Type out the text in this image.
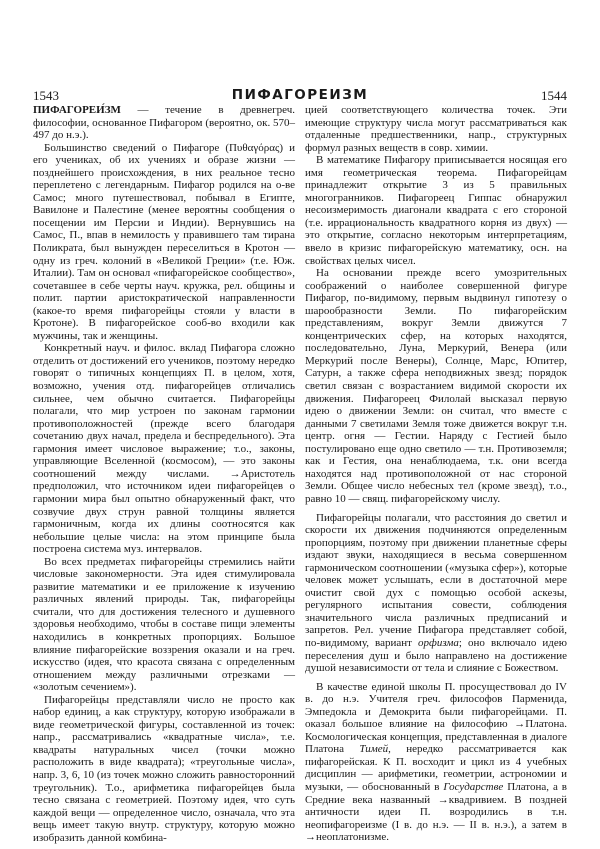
1543	ПИФАГОРЕИЗМ	1544

ПИФАГОРЕИ́ЗМ — течение в древнегреч. философии, основанное Пифагором (вероятно, ок. 570–497 до н.э.).

Большинство сведений о Пифагоре (Πυθαγόρας) и его учениках, об их учениях и образе жизни — позднейшего происхождения, в них реальное тесно переплетено с легендарным. Пифагор родился на о-ве Самос; много путешествовал, побывал в Египте, Вавилоне и Палестине (менее вероятны сообщения о посещении им Персии и Индии). Вернувшись на Самос, П., впав в немилость у правившего там тирана Поликрата, был вынужден переселиться в Кротон — одну из греч. колоний в «Великой Греции» (т.е. Юж. Италии). Там он основал «пифагорейское сообщество», сочетавшее в себе черты науч. кружка, рел. общины и полит. партии аристократической направленности (какое-то время пифагорейцы стояли у власти в Кротоне). В пифагорейское сооб-во входили как мужчины, так и женщины.

Конкретный науч. и филос. вклад Пифагора сложно отделить от достижений его учеников, поэтому нередко говорят о типичных концепциях П. в целом, хотя, возможно, учения отд. пифагорейцев отличались сильнее, чем обычно считается. Пифагорейцы полагали, что мир устроен по законам гармонии противоположностей (прежде всего благодаря сочетанию двух начал, предела и беспредельного). Эта гармония имеет числовое выражение; т.о., законы, управляющие Вселенной (космосом), — это законы соотношений между числами. →Аристотель предположил, что источником идеи пифагорейцев о гармонии мира был опытно обнаруженный факт, что созвучие двух струн равной толщины является гармоничным, когда их длины соотносятся как небольшие целые числа: на этом принципе была построена система муз. интервалов.

Во всех предметах пифагорейцы стремились найти числовые закономерности. Эта идея стимулировала развитие математики и ее приложение к изучению различных явлений природы. Так, пифагорейцы считали, что для достижения телесного и душевного здоровья необходимо, чтобы в составе пищи элементы находились в конкретных пропорциях. Большое влияние пифагорейские воззрения оказали и на греч. искусство (идея, что красота связана с определенным отношением между различными отрезками — «золотым сечением»).

Пифагорейцы представляли число не просто как набор единиц, а как структуру, которую изображали в виде геометрической фигуры, составленной из точек: напр., рассматривались «квадратные числа», т.е. квадраты натуральных чисел (точки можно расположить в виде квадрата); «треугольные числа», напр. 3, 6, 10 (из точек можно сложить равносторонний треугольник). Т.о., арифметика пифагорейцев была тесно связана с геометрией. Поэтому идея, что суть каждой вещи — определенное число, означала, что эта вещь имеет такую внутр. структуру, которую можно изобразить данной комбина-

цией соответствующего количества точек. Эти имеющие структуру числа могут рассматриваться как отдаленные предшественники, напр., структурных формул разных веществ в совр. химии.

В математике Пифагору приписывается носящая его имя геометрическая теорема. Пифагорейцам принадлежит открытие 3 из 5 правильных многогранников. Пифагореец Гиппас обнаружил несоизмеримость диагонали квадрата с его стороной (т.е. иррациональность квадратного корня из двух) — это открытие, согласно некоторым интерпретациям, ввело в кризис пифагорейскую математику, осн. на свойствах целых чисел.

На основании прежде всего умозрительных соображений о наиболее совершенной фигуре Пифагор, по-видимому, первым выдвинул гипотезу о шарообразности Земли. По пифагорейским представлениям, вокруг Земли движутся 7 концентрических сфер, на которых находятся, последовательно, Луна, Меркурий, Венера (или Меркурий после Венеры), Солнце, Марс, Юпитер, Сатурн, а также сфера неподвижных звезд; порядок светил связан с возрастанием видимой скорости их движения. Пифагореец Филолай высказал первую идею о движении Земли: он считал, что вместе с данными 7 светилами Земля тоже движется вокруг т.н. центр. огня — Гестии. Наряду с Гестией было постулировано еще одно светило — т.н. Противоземля; как и Гестия, она ненаблюдаема, т.к. они всегда находятся над противоположной от нас стороной Земли. Общее число небесных тел (кроме звезд), т.о., равно 10 — свящ. пифагорейскому числу.

Пифагорейцы полагали, что расстояния до светил и скорости их движения подчиняются определенным пропорциям, поэтому при движении планетные сферы издают звуки, находящиеся в весьма совершенном гармоническом соотношении («музыка сфер»), которые человек может услышать, если в достаточной мере очистит свой дух с помощью особой аскезы, регулярного испытания совести, соблюдения значительного числа различных предписаний и запретов. Рел. учение Пифагора представляет собой, по-видимому, вариант орфизма; оно включало идею переселения душ и было направлено на достижение душой независимости от тела и слияние с Божеством.

В качестве единой школы П. просуществовал до IV в. до н.э. Учителя греч. философов Парменида, Эмпедокла и Демокрита были пифагорейцами. П. оказал большое влияние на философию →Платона. Космологическая концепция, представленная в диалоге Платона Тимей, нередко рассматривается как пифагорейская. К П. восходит и цикл из 4 учебных дисциплин — арифметики, геометрии, астрономии и музыки, — обоснованный в Государстве Платона, а в Средние века названный →квадривием. В поздней античности идеи П. возродились в т.н. неопифагореизме (I в. до н.э. — II в. н.э.), а затем в →неоплатонизме.
